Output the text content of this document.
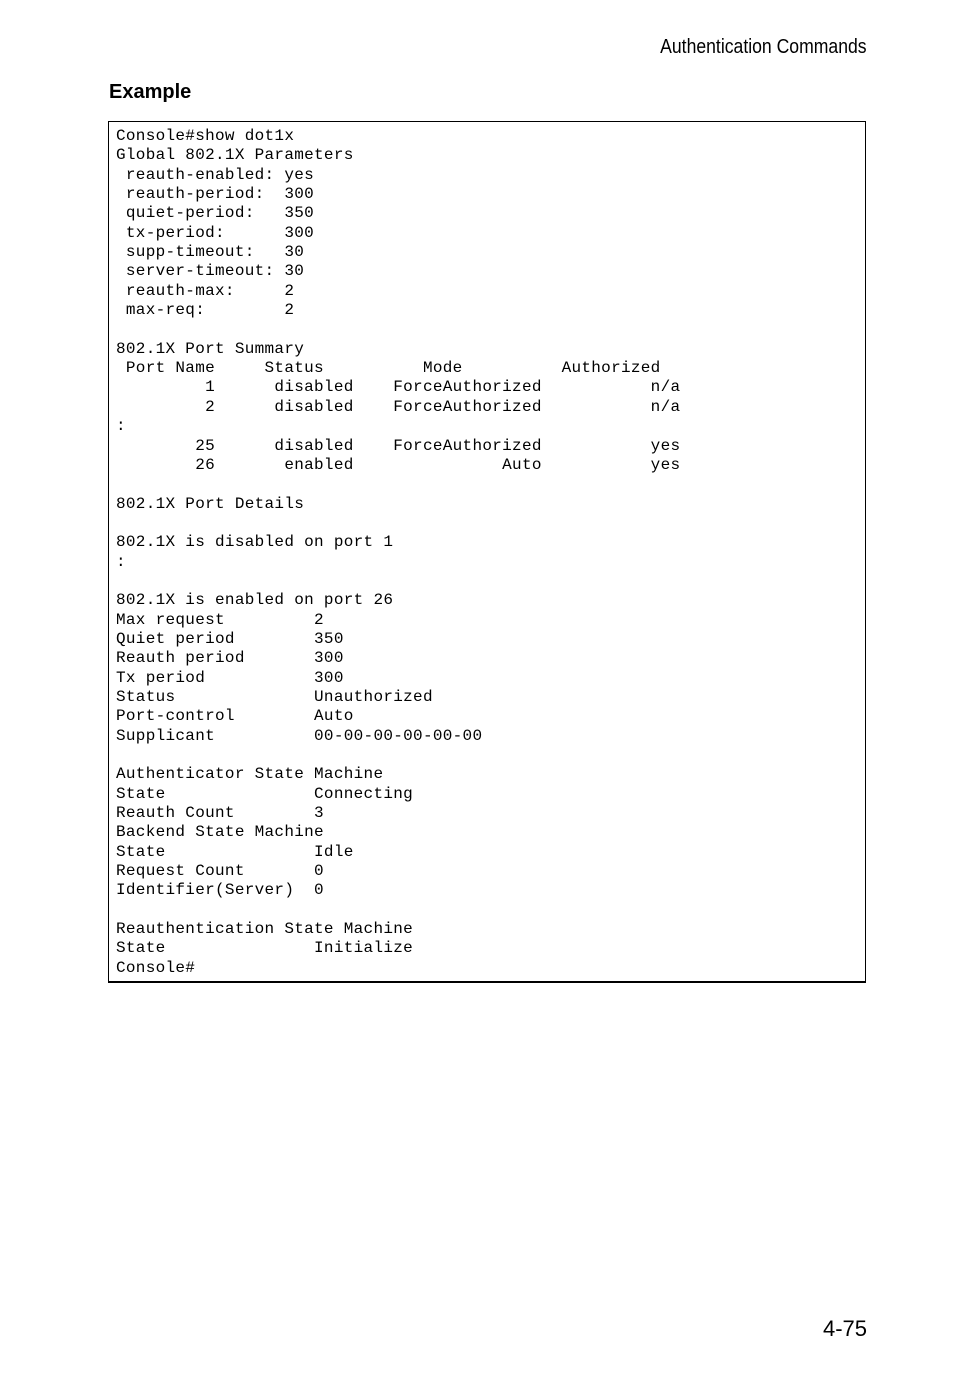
Authentication Commands
Example
Console#show dot1x
Global 802.1X Parameters
reauth-enabled: yes
reauth-period:  300
quiet-period:   350
tx-period:      300
supp-timeout:   30
server-timeout: 30
reauth-max:     2
max-req:        2

802.1X Port Summary
Port Name     Status          Mode          Authorized
1      disabled    ForceAuthorized           n/a
2      disabled    ForceAuthorized           n/a
:
25      disabled    ForceAuthorized           yes
26       enabled               Auto           yes

802.1X Port Details

802.1X is disabled on port 1
:

802.1X is enabled on port 26
Max request         2
Quiet period        350
Reauth period       300
Tx period           300
Status              Unauthorized
Port-control        Auto
Supplicant          00-00-00-00-00-00

Authenticator State Machine
State               Connecting
Reauth Count        3
Backend State Machine
State               Idle
Request Count       0
Identifier(Server)  0

Reauthentication State Machine
State               Initialize
Console#

4-75
